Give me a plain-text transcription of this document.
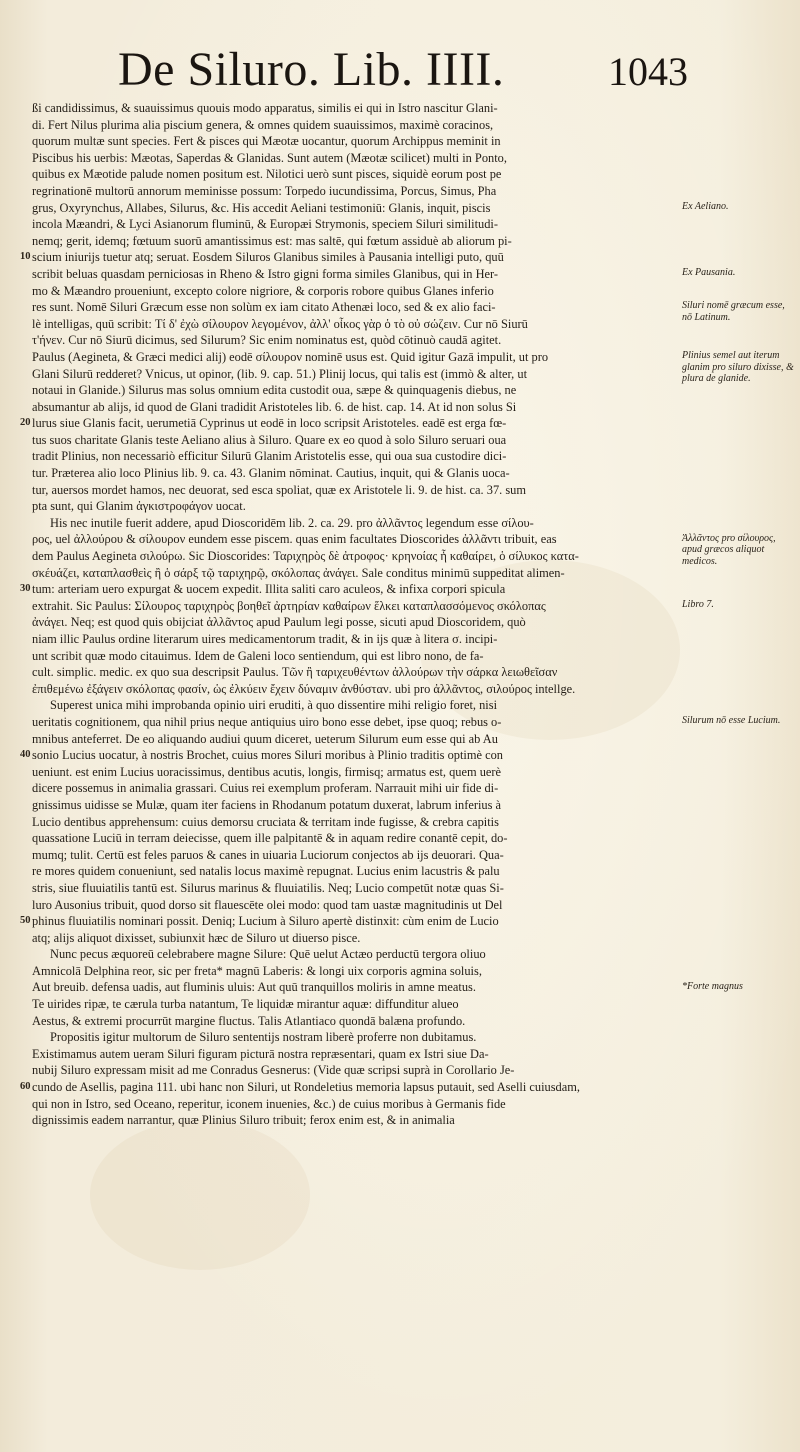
De Siluro. Lib. IIII.	1043
ßi candidissimus, & suauissimus quouis modo apparatus, similis ei qui in Istro nascitur Glani-
di. Fert Nilus plurima alia piscium genera, & omnes quidem suauissimos, maximè coracinos,
quorum multæ sunt species. Fert & pisces qui Mæotæ uocantur, quorum Archippus meminit in
Piscibus his uerbis: Mæotas, Saperdas & Glanidas. Sunt autem (Mæotæ scilicet) multi in Ponto,
quibus ex Mæotide palude nomen positum est. Nilotici uerò sunt pisces, siquidè eorum post pe
regrinationē multorū annorum meminisse possum: Torpedo iucundissima, Porcus, Simus, Pha
grus, Oxyrynchus, Allabes, Silurus, &c. His accedit Aeliani testimoniū: Glanis, inquit, piscis
incola Mæandri, & Lyci Asianorum fluminū, & Europæi Strymonis, speciem Siluri similitudi-
nemq; gerit, idemq; fœtuum suorū amantissimus est: mas saltē, qui fœtum assiduè ab aliorum pi-
10 scium iniurijs tuetur atq; seruat. Eosdem Siluros Glanibus similes à Pausania intelligi puto, quū
scribit beluas quasdam perniciosas in Rheno & Istro gigni forma similes Glanibus, qui in Her-
mo & Mæandro proueniunt, excepto colore nigriore, & corporis robore quibus Glanes inferio
res sunt. Nomē Siluri Græcum esse non solùm ex iam citato Athenæi loco, sed & ex alio faci-
lè intelligas, quū scribit: Τί δ' ἐχὼ σίλουρον λεγομένον, ἀλλ' οἶκος γὰρ ὁ τὸ οὐ σώζειν. Cur nō Siurū
τ'ήνεν. Cur nō Siurū dicimus, sed Silurum? Sic enim nominatus est, quòd cōtinuò caudā agitet.
Paulus (Aegineta, & Græci medici alij) eodē σίλουρον nominē usus est. Quid igitur Gazā impulit, ut pro
Glani Silurū redderet? Vnicus, ut opinor, (lib. 9. cap. 51.) Plinij locus, qui talis est (immò & alter, ut
notaui in Glanide.) Silurus mas solus omnium edita custodit oua, sæpe & quinquagenis diebus, ne
absumantur ab alijs, id quod de Glani tradidit Aristoteles lib. 6. de hist. cap. 14. At id non solus Si
20 lurus siue Glanis facit, uerumetiā Cyprinus ut eodē in loco scripsit Aristoteles. eadē est erga fœ-
tus suos charitate Glanis teste Aeliano alius à Siluro. Quare ex eo quod à solo Siluro seruari oua
tradit Plinius, non necessariò efficitur Silurū Glanim Aristotelis esse, qui oua sua custodire dici-
tur. Præterea alio loco Plinius lib. 9. ca. 43. Glanim nōminat. Cautius, inquit, qui & Glanis uoca-
tur, auersos mordet hamos, nec deuorat, sed esca spoliat, quæ ex Aristotele li. 9. de hist. ca. 37. sum
pta sunt, qui Glanim ἀγκιστροφάγον uocat.
His nec inutile fuerit addere, apud Dioscoridēm lib. 2. ca. 29. pro ἀλλᾶντος legendum esse σίλου-
ρος, uel ἀλλούρου & σίλουρον eundem esse piscem. quas enim facultates Dioscorides ἀλλᾶντι tribuit, eas
dem Paulus Aegineta σιλούρω. Sic Dioscorides: Ταριχηρὸς δὲ ἀτροφος· κρηνοίας ἧ καθαίρει, ὁ σίλυκος κατα-
σκέυάζει, καταπλασθεὶς ἢ ὁ σάρξ τῷ ταριχηρῷ, σκόλοπας ἀνάγει. Sale conditus minimū suppeditat alimen-
30 tum: arteriam uero expurgat & uocem expedit. Illita saliti caro aculeos, & infixa corpori spicula
extrahit. Sic Paulus: Σίλουρος ταριχηρὸς βοηθεῖ ἀρτηρίαν καθαίρων ἕλκει καταπλασσόμενος σκόλοπας
ἀνάγει. Neq; est quod quis obijciat ἀλλᾶντος apud Paulum legi posse, sicuti apud Dioscoridem, quò
niam illic Paulus ordine literarum uires medicamentorum tradit, & in ijs quæ à litera σ. incipi-
unt scribit quæ modo citauimus. Idem de Galeni loco sentiendum, qui est libro nono, de fa-
cult. simplic. medic. ex quo sua descripsit Paulus. Τῶν ἢ ταριχευθέντων ἀλλούρων τὴν σάρκα λειωθεῖσαν
ἐπιθεμένω ἐξάγειν σκόλοπας φασίν, ὡς ἐλκύειν ἔχειν δύναμιν ἀνθύσταν. ubi pro ἀλλᾶντος, σιλούρος intellge.
Superest unica mihi improbanda opinio uiri eruditi, à quo dissentire mihi religio foret, nisi
ueritatis cognitionem, qua nihil prius neque antiquius uiro bono esse debet, ipse quoq; rebus o-
mnibus anteferret. De eo aliquando audiui quum diceret, ueterum Silurum eum esse qui ab Au
40 sonio Lucius uocatur, à nostris Brochet, cuius mores Siluri moribus à Plinio traditis optimè con
ueniunt. est enim Lucius uoracissimus, dentibus acutis, longis, firmisq; armatus est, quem uerè
dicere possemus in animalia grassari. Cuius rei exemplum proferam. Narrauit mihi uir fide di-
gnissimus uidisse se Mulæ, quam iter faciens in Rhodanum potatum duxerat, labrum inferius à
Lucio dentibus apprehensum: cuius demorsu cruciata & territam inde fugisse, & crebra capitis
quassatione Luciū in terram deiecisse, quem ille palpitantē & in aquam redire conantē cepit, do-
mumq; tulit. Certū est feles paruos & canes in uiuaria Luciorum conjectos ab ijs deuorari. Qua-
re mores quidem conueniunt, sed natalis locus maximè repugnat. Lucius enim lacustris & palu
stris, siue fluuiatilis tantū est. Silurus marinus & fluuiatilis. Neq; Lucio competūt notæ quas Si-
luro Ausonius tribuit, quod dorso sit flauescēte olei modo: quod tam uastæ magnitudinis ut Del
50 phinus fluuiatilis nominari possit. Deniq; Lucium à Siluro apertè distinxit: cùm enim de Lucio
atq; alijs aliquot dixisset, subiunxit hæc de Siluro ut diuerso pisce.
Nunc pecus æquoreū celebrabere magne Silure: Quē uelut Actæo perductū tergora oliuo
Amnicolā Delphina reor, sic per freta* magnū Laberis: & longi uix corporis agmina soluis,
Aut breuib. defensa uadis, aut fluminis uluis: Aut quū tranquillos moliris in amne meatus.
Te uirides ripæ, te cærula turba natantum, Te liquidæ mirantur aquæ: diffunditur alueo
Aestus, & extremi procurrūt margine fluctus. Talis Atlantiaco quondā balæna profundo.
Propositis igitur multorum de Siluro sententijs nostram liberè proferre non dubitamus.
Existimamus autem ueram Siluri figuram picturā nostra repræsentari, quam ex Istri siue Da-
nubij Siluro expressam misit ad me Conradus Gesnerus: (Vide quæ scripsi suprà in Corollario Je-
60 cundo de Asellis, pagina 111. ubi hanc non Siluri, ut Rondeletius memoria lapsus putauit, sed Aselli cuiusdam,
qui non in Istro, sed Oceano, reperitur, iconem inuenies, &c.) de cuius moribus à Germanis fide
dignissimis eadem narrantur, quæ Plinius Siluro tribuit; ferox enim est, & in animalia
Ex Aeliano.
Ex Pausania.
Siluri nomē græcum esse, nō Latinum.
Plinius semel aut iterum glanim pro siluro dixisse, & plura de glanide.
Ἀλλᾶντος pro σίλουρος, apud græcos aliquot medicos.
Libro 7.
Silurum nō esse Lucium.
*Forte magnus
